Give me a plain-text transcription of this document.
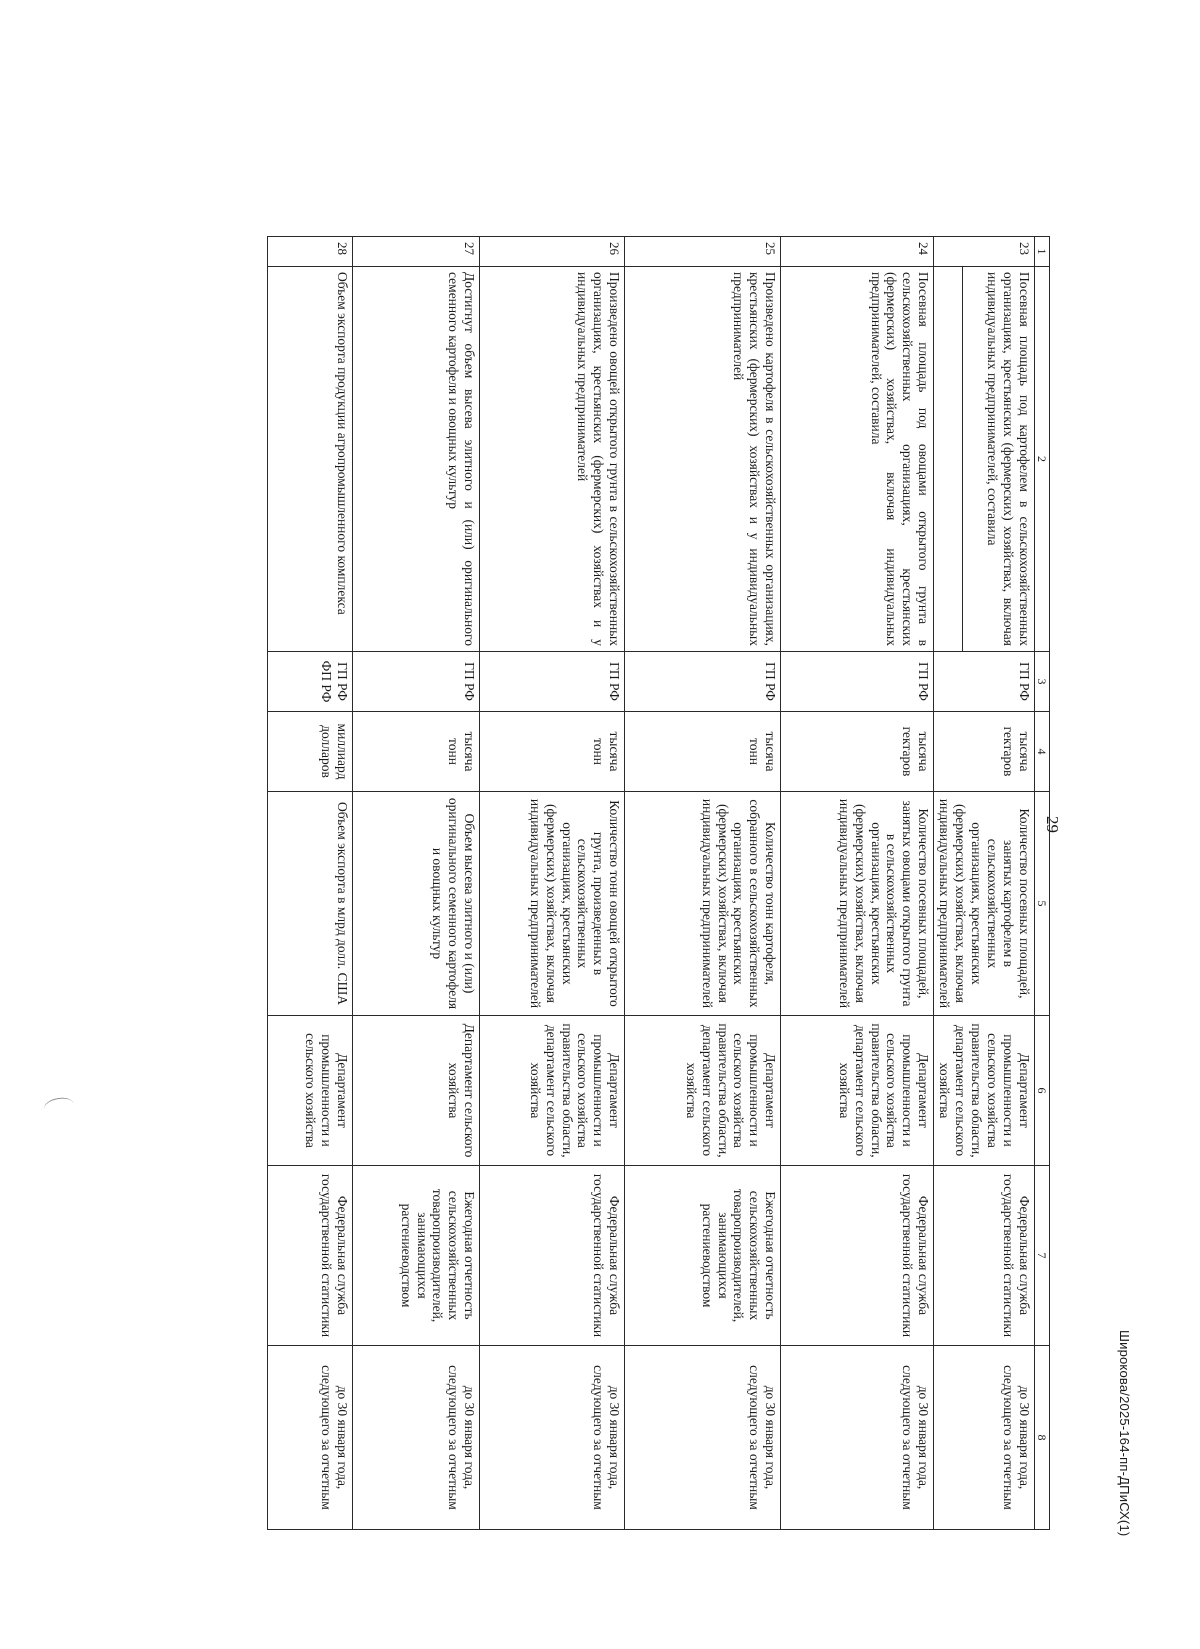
29
1	2	3	4	5	6	7	8
23	Посевная площадь под картофелем в сельскохозяйственных организациях, крестьянских (фермерских) хозяйствах, включая индивидуальных предпринимателей, составила	ГП РФ	тысяча гектаров	Количество посевных площадей, занятых картофелем в сельскохозяйственных организациях, крестьянских (фермерских) хозяйствах, включая индивидуальных предпринимателей	Департамент промышленности и сельского хозяйства правительства области, департамент сельского хозяйства	Федеральная служба государственной статистики	до 30 января года, следующего за отчетным

24	Посевная площадь под овощами открытого грунта в сельскохозяйственных организациях, крестьянских (фермерских) хозяйствах, включая индивидуальных предпринимателей, составила	ГП РФ	тысяча гектаров	Количество посевных площадей, занятых овощами открытого грунта в сельскохозяйственных организациях, крестьянских (фермерских) хозяйствах, включая индивидуальных предпринимателей	Департамент промышленности и сельского хозяйства правительства области, департамент сельского хозяйства	Федеральная служба государственной статистики	до 30 января года, следующего за отчетным
25	Произведено картофеля в сельскохозяйственных организациях, крестьянских (фермерских) хозяйствах и у индивидуальных предпринимателей	ГП РФ	тысяча тонн	Количество тонн картофеля, собранного в сельскохозяйственных организациях, крестьянских (фермерских) хозяйствах, включая индивидуальных предпринимателей	Департамент промышленности и сельского хозяйства правительства области, департамент сельского хозяйства	Ежегодная отчетность сельскохозяйственных товаропроизводителей, занимающихся растениеводством	до 30 января года, следующего за отчетным
26	Произведено овощей открытого грунта в сельскохозяйственных организациях, крестьянских (фермерских) хозяйствах и у индивидуальных предпринимателей	ГП РФ	тысяча тонн	Количество тонн овощей открытого грунта, произведенных в сельскохозяйственных организациях, крестьянских (фермерских) хозяйствах, включая индивидуальных предпринимателей	Департамент промышленности и сельского хозяйства правительства области, департамент сельского хозяйства	Федеральная служба государственной статистики	до 30 января года, следующего за отчетным
27	Достигнут объем высева элитного и (или) оригинального семенного картофеля и овощных культур	ГП РФ	тысяча тонн	Объем высева элитного и (или) оригинального семенного картофеля и овощных культур	Департамент сельского хозяйства	Ежегодная отчетность сельскохозяйственных товаропроизводителей, занимающихся растениеводством	до 30 января года, следующего за отчетным
28	Объем экспорта продукции агропромышленного комплекса	ГП РФ ФП РФ	миллиард долларов	Объем экспорта в млрд долл. США	Департамент промышленности и сельского хозяйства	Федеральная служба государственной статистики	до 30 января года, следующего за отчетным	Широкова/2025-164-пп-ДПиСХ(1)
